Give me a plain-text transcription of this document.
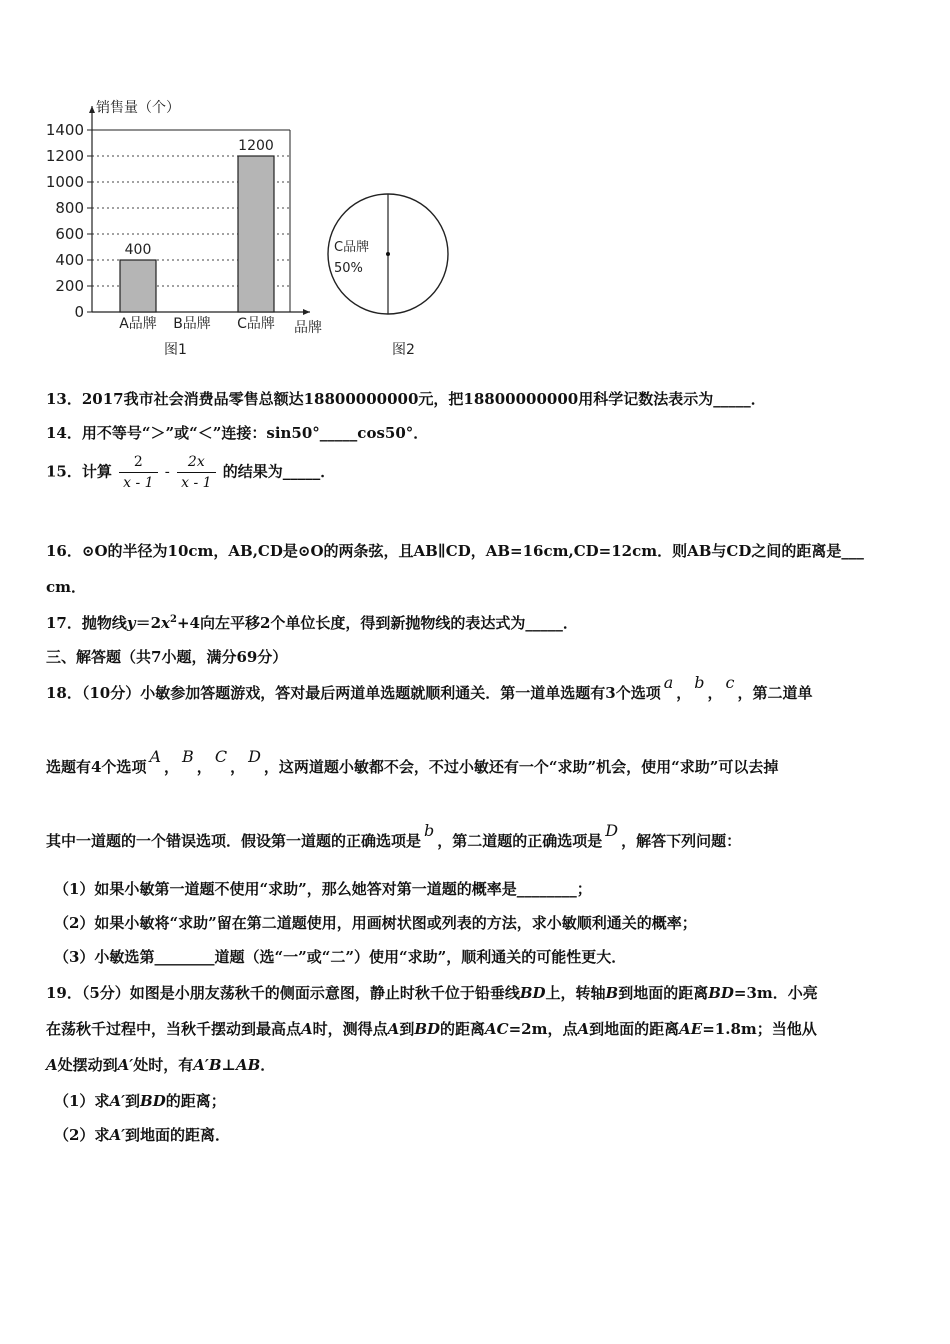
0
200
400
600
800
1000
1200
1400
销售量（个）
品牌
400
A品牌 B品牌
1200
C品牌
图1
C品牌
50%
图2
13．2017我市社会消费品零售总额达18800000000元，把18800000000用科学记数法表示为_____．
14．用不等号“＞”或“＜”连接：sin50°_____cos50°．
15．计算 $\frac{2}{x - 1} - \frac{2x}{x - 1}$ 的结果为_____．
16．⊙O的半径为10cm，AB,CD是⊙O的两条弦，且AB∥CD，AB=16cm,CD=12cm．则AB与CD之间的距离是___
cm．
17．抛物线$y=2x^2+4$向左平移2个单位长度，得到新抛物线的表达式为_____．
三、解答题（共7小题，满分69分）
18．（10分）小敏参加答题游戏，答对最后两道单选题就顺利通关．第一道单选题有3个选项a，b，c，第二道单
选题有4个选项A，B，C，D，这两道题小敏都不会，不过小敏还有一个“求助”机会，使用“求助”可以去掉
其中一道题的一个错误选项．假设第一道题的正确选项是b，第二道题的正确选项是D，解答下列问题：
（1）如果小敏第一道题不使用“求助”，那么她答对第一道题的概率是________；
（2）如果小敏将“求助”留在第二道题使用，用画树状图或列表的方法，求小敏顺利通关的概率；
（3）小敏选第________道题（选“一”或“二”）使用“求助”，顺利通关的可能性更大．
19．（5分）如图是小朋友荡秋千的侧面示意图，静止时秋千位于铅垂线BD上，转轴B到地面的距离BD=3m．小亮
在荡秋千过程中，当秋千摆动到最高点A时，测得点A到BD的距离AC=2m，点A到地面的距离AE=1.8m；当他从
A处摆动到A′处时，有A′B⊥AB．
（1）求A′到BD的距离；
（2）求A′到地面的距离．
